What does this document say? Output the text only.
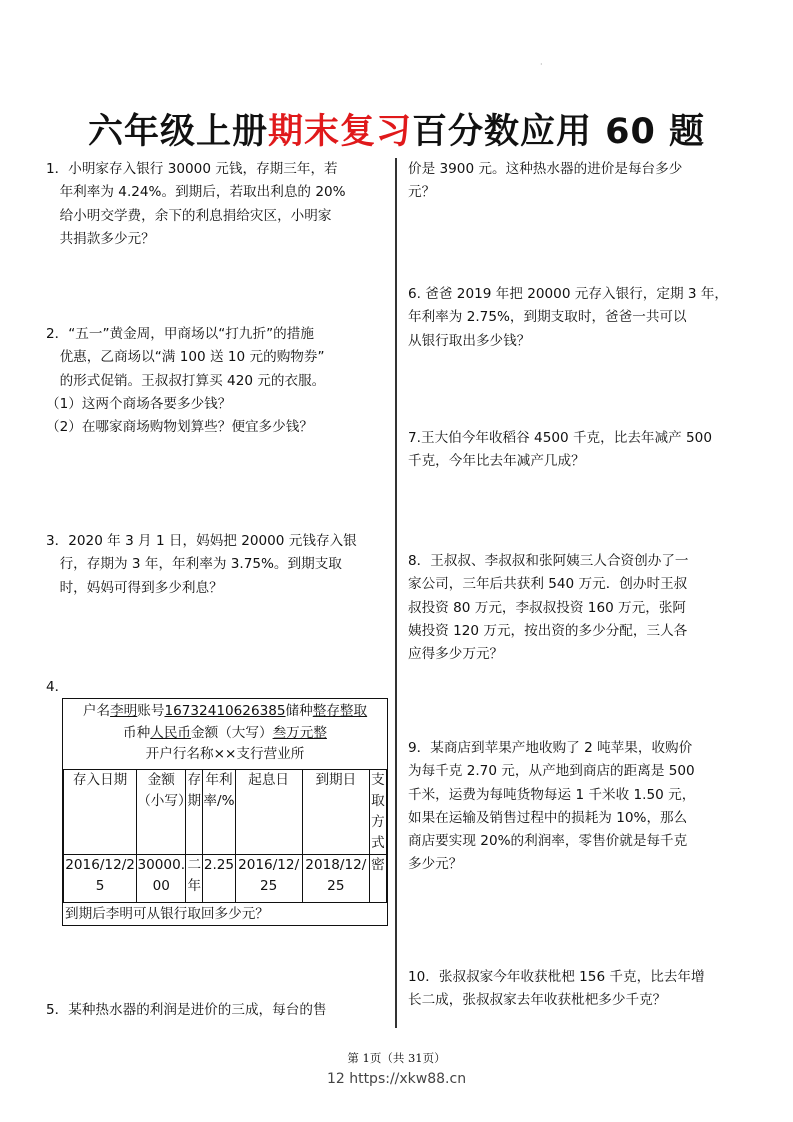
·
六年级上册期末复习百分数应用 60 题

1．小明家存入银行 30000 元钱，存期三年，若

　年利率为 4.24%。到期后，若取出利息的 20%

　给小明交学费，余下的利息捐给灾区，小明家

　共捐款多少元？

2．“五一”黄金周，甲商场以“打九折”的措施

　优惠，乙商场以“满 100 送 10 元的购物券”

　的形式促销。王叔叔打算买 420 元的衣服。

（1）这两个商场各要多少钱？

（2）在哪家商场购物划算些？便宜多少钱？

3．2020 年 3 月 1 日，妈妈把 20000 元钱存入银

　行，存期为 3 年，年利率为 3.75%。到期支取

　时，妈妈可得到多少利息？

4．

户名李明账号16732410626385储种整存整取
币种人民币金额（大写）叁万元整
开户行名称××支行营业所
存入日期	金额（小写）	存期	年利率/%	起息日	到期日	支取方式
2016/12/25	30000.00	二年	2.25	2016/12/25	2018/12/25	密
到期后李明可从银行取回多少元？

5．某种热水器的利润是进价的三成，每台的售

价是 3900 元。这种热水器的进价是每台多少

元？

6. 爸爸 2019 年把 20000 元存入银行，定期 3 年，

年利率为 2.75%，到期支取时，爸爸一共可以

从银行取出多少钱？

7.王大伯今年收稻谷 4500 千克，比去年减产 500

千克，今年比去年减产几成？

8．王叔叔、李叔叔和张阿姨三人合资创办了一

家公司，三年后共获利 540 万元．创办时王叔

叔投资 80 万元，李叔叔投资 160 万元，张阿

姨投资 120 万元，按出资的多少分配，三人各

应得多少万元？

9．某商店到苹果产地收购了 2 吨苹果，收购价

为每千克 2.70 元，从产地到商店的距离是 500

千米，运费为每吨货物每运 1 千米收 1.50 元，

如果在运输及销售过程中的损耗为 10%，那么

商店要实现 20%的利润率，零售价就是每千克

多少元？

10．张叔叔家今年收获枇杷 156 千克，比去年增

长二成，张叔叔家去年收获枇杷多少千克？

第 1页（共 31页）
12 https://xkw88.cn
